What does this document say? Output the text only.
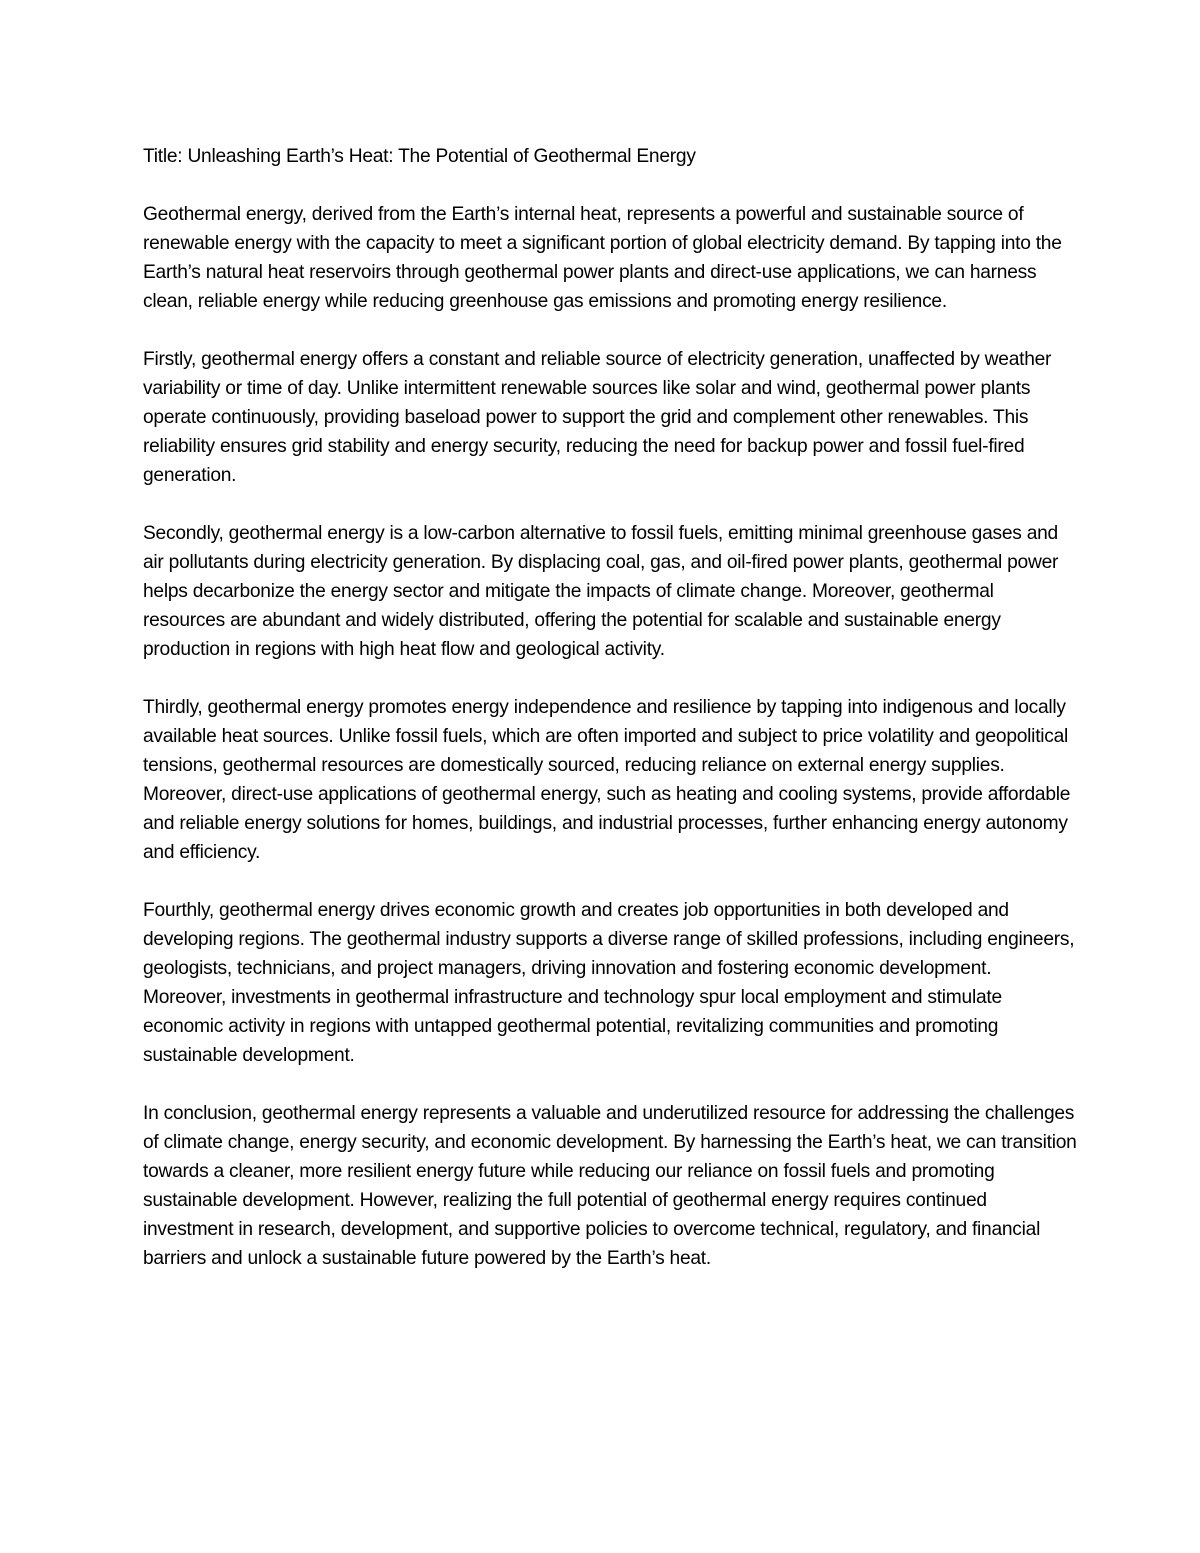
Title: Unleashing Earth’s Heat: The Potential of Geothermal Energy

Geothermal energy, derived from the Earth’s internal heat, represents a powerful and sustainable source of renewable energy with the capacity to meet a significant portion of global electricity demand. By tapping into the Earth’s natural heat reservoirs through geothermal power plants and direct-use applications, we can harness clean, reliable energy while reducing greenhouse gas emissions and promoting energy resilience.

Firstly, geothermal energy offers a constant and reliable source of electricity generation, unaffected by weather variability or time of day. Unlike intermittent renewable sources like solar and wind, geothermal power plants operate continuously, providing baseload power to support the grid and complement other renewables. This reliability ensures grid stability and energy security, reducing the need for backup power and fossil fuel-fired generation.

Secondly, geothermal energy is a low-carbon alternative to fossil fuels, emitting minimal greenhouse gases and air pollutants during electricity generation. By displacing coal, gas, and oil-fired power plants, geothermal power helps decarbonize the energy sector and mitigate the impacts of climate change. Moreover, geothermal resources are abundant and widely distributed, offering the potential for scalable and sustainable energy production in regions with high heat flow and geological activity.

Thirdly, geothermal energy promotes energy independence and resilience by tapping into indigenous and locally available heat sources. Unlike fossil fuels, which are often imported and subject to price volatility and geopolitical tensions, geothermal resources are domestically sourced, reducing reliance on external energy supplies. Moreover, direct-use applications of geothermal energy, such as heating and cooling systems, provide affordable and reliable energy solutions for homes, buildings, and industrial processes, further enhancing energy autonomy and efficiency.

Fourthly, geothermal energy drives economic growth and creates job opportunities in both developed and developing regions. The geothermal industry supports a diverse range of skilled professions, including engineers, geologists, technicians, and project managers, driving innovation and fostering economic development. Moreover, investments in geothermal infrastructure and technology spur local employment and stimulate economic activity in regions with untapped geothermal potential, revitalizing communities and promoting sustainable development.

In conclusion, geothermal energy represents a valuable and underutilized resource for addressing the challenges of climate change, energy security, and economic development. By harnessing the Earth’s heat, we can transition towards a cleaner, more resilient energy future while reducing our reliance on fossil fuels and promoting sustainable development. However, realizing the full potential of geothermal energy requires continued investment in research, development, and supportive policies to overcome technical, regulatory, and financial barriers and unlock a sustainable future powered by the Earth’s heat.
